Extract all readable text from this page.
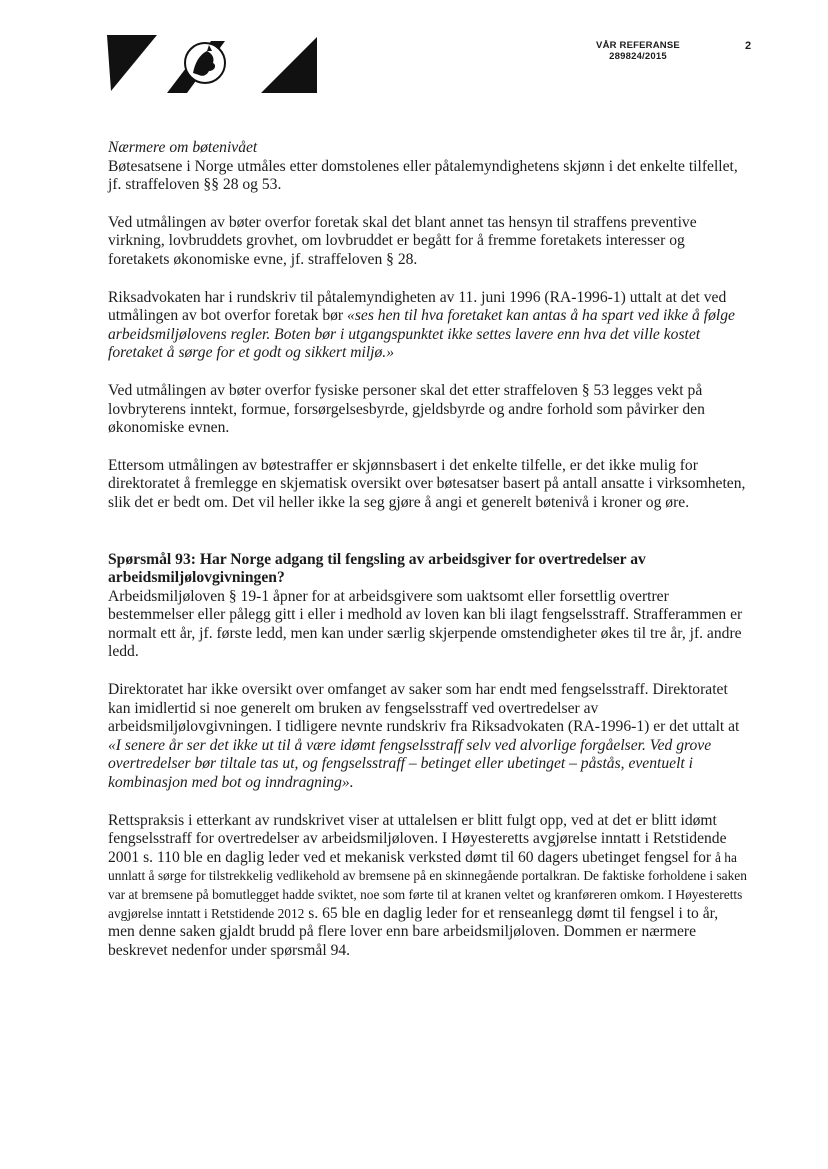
VÅR REFERANSE
289824/2015
2

Nærmere om bøtenivået

Bøtesatsene i Norge utmåles etter domstolenes eller påtalemyndighetens skjønn i det enkelte tilfellet, jf. straffeloven §§ 28 og 53.

Ved utmålingen av bøter overfor foretak skal det blant annet tas hensyn til straffens preventive virkning, lovbruddets grovhet, om lovbruddet er begått for å fremme foretakets interesser og foretakets økonomiske evne, jf. straffeloven § 28.

Riksadvokaten har i rundskriv til påtalemyndigheten av 11. juni 1996 (RA-1996-1) uttalt at det ved utmålingen av bot overfor foretak bør «ses hen til hva foretaket kan antas å ha spart ved ikke å følge arbeidsmiljølovens regler. Boten bør i utgangspunktet ikke settes lavere enn hva det ville kostet foretaket å sørge for et godt og sikkert miljø.»

Ved utmålingen av bøter overfor fysiske personer skal det etter straffeloven § 53 legges vekt på lovbryterens inntekt, formue, forsørgelsesbyrde, gjeldsbyrde og andre forhold som påvirker den økonomiske evnen.

Ettersom utmålingen av bøtestraffer er skjønnsbasert i det enkelte tilfelle, er det ikke mulig for direktoratet å fremlegge en skjematisk oversikt over bøtesatser basert på antall ansatte i virksomheten, slik det er bedt om. Det vil heller ikke la seg gjøre å angi et generelt bøtenivå i kroner og øre.

Spørsmål 93: Har Norge adgang til fengsling av arbeidsgiver for overtredelser av arbeidsmiljølovgivningen?

Arbeidsmiljøloven § 19-1 åpner for at arbeidsgivere som uaktsomt eller forsettlig overtrer bestemmelser eller pålegg gitt i eller i medhold av loven kan bli ilagt fengselsstraff. Strafferammen er normalt ett år, jf. første ledd, men kan under særlig skjerpende omstendigheter økes til tre år, jf. andre ledd.

Direktoratet har ikke oversikt over omfanget av saker som har endt med fengselsstraff. Direktoratet kan imidlertid si noe generelt om bruken av fengselsstraff ved overtredelser av arbeidsmiljølovgivningen. I tidligere nevnte rundskriv fra Riksadvokaten (RA-1996-1) er det uttalt at «I senere år ser det ikke ut til å være idømt fengselsstraff selv ved alvorlige forgåelser. Ved grove overtredelser bør tiltale tas ut, og fengselsstraff – betinget eller ubetinget – påstås, eventuelt i kombinasjon med bot og inndragning».

Rettspraksis i etterkant av rundskrivet viser at uttalelsen er blitt fulgt opp, ved at det er blitt idømt fengselsstraff for overtredelser av arbeidsmiljøloven. I Høyesteretts avgjørelse inntatt i Retstidende 2001 s. 110 ble en daglig leder ved et mekanisk verksted dømt til 60 dagers ubetinget fengsel for å ha unnlatt å sørge for tilstrekkelig vedlikehold av bremsene på en skinnegående portalkran. De faktiske forholdene i saken var at bremsene på bomutlegget hadde sviktet, noe som førte til at kranen veltet og kranføreren omkom. I Høyesteretts avgjørelse inntatt i Retstidende 2012 s. 65 ble en daglig leder for et renseanlegg dømt til fengsel i to år, men denne saken gjaldt brudd på flere lover enn bare arbeidsmiljøloven. Dommen er nærmere beskrevet nedenfor under spørsmål 94.
